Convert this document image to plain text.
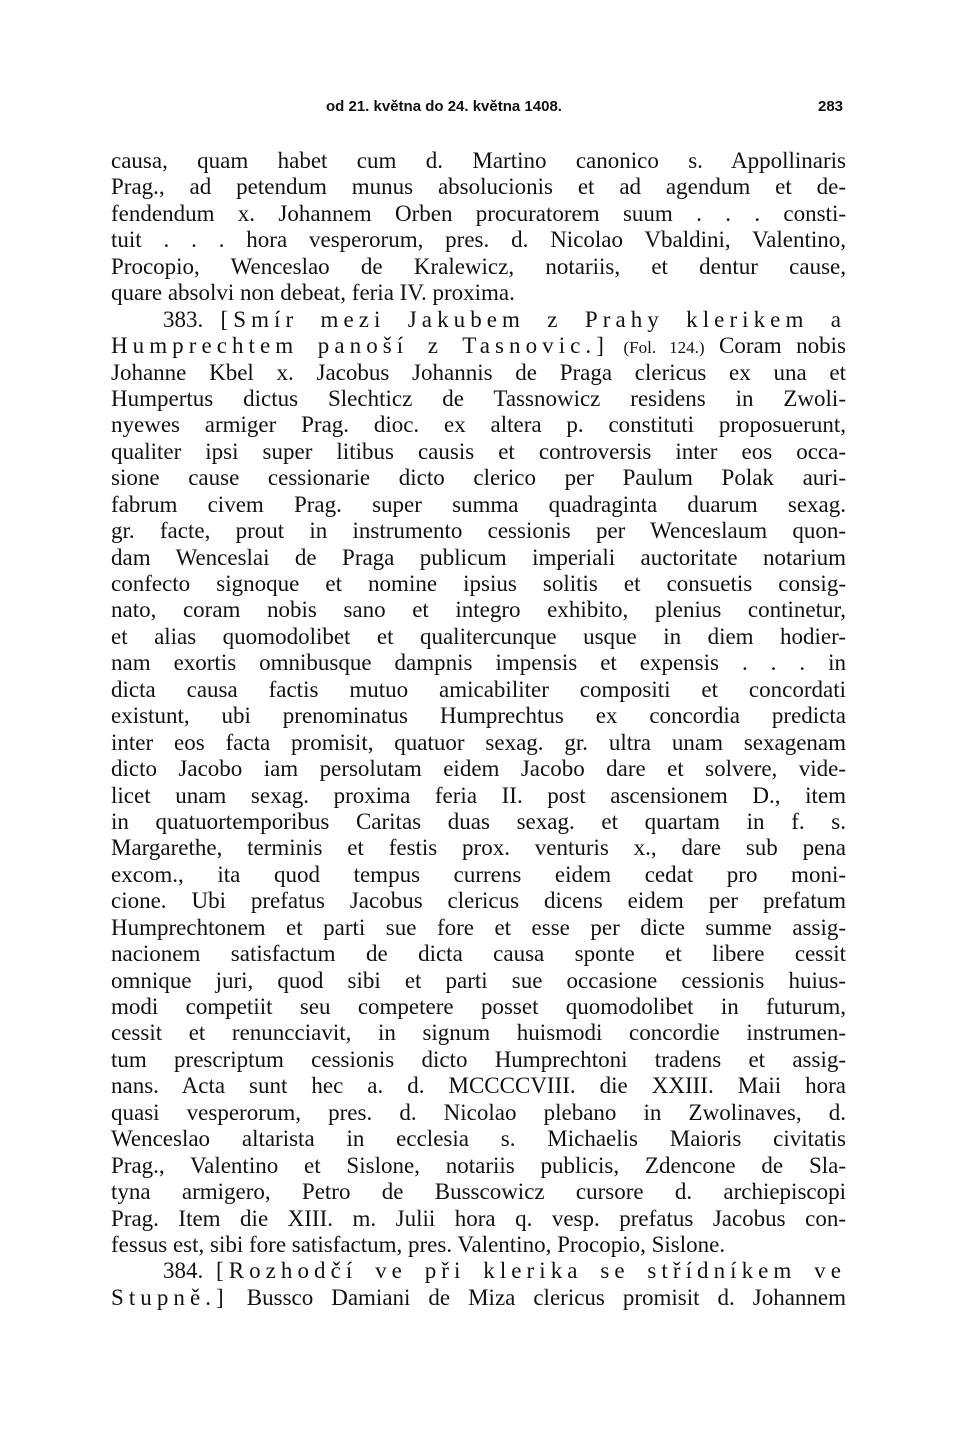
od 21. května do 24. května 1408.	283
causa, quam habet cum d. Martino canonico s. Appollinaris
Prag., ad petendum munus absolucionis et ad agendum et de-
fendendum x. Johannem Orben procuratorem suum . . . consti-
tuit . . . hora vesperorum, pres. d. Nicolao Vbaldini, Valentino,
Procopio, Wenceslao de Kralewicz, notariis, et dentur cause,
quare absolvi non debeat, feria IV. proxima.
383. [Smír mezi Jakubem z Prahy klerikem a
Humprechtem panoší z Tasnovic.] (Fol. 124.) Coram nobis
Johanne Kbel x. Jacobus Johannis de Praga clericus ex una et
Humpertus dictus Slechticz de Tassnowicz residens in Zwoli-
nyewes armiger Prag. dioc. ex altera p. constituti proposuerunt,
qualiter ipsi super litibus causis et controversis inter eos occa-
sione cause cessionarie dicto clerico per Paulum Polak auri-
fabrum civem Prag. super summa quadraginta duarum sexag.
gr. facte, prout in instrumento cessionis per Wenceslaum quon-
dam Wenceslai de Praga publicum imperiali auctoritate notarium
confecto signoque et nomine ipsius solitis et consuetis consig-
nato, coram nobis sano et integro exhibito, plenius continetur,
et alias quomodolibet et qualitercunque usque in diem hodier-
nam exortis omnibusque dampnis impensis et expensis . . . in
dicta causa factis mutuo amicabiliter compositi et concordati
existunt, ubi prenominatus Humprechtus ex concordia predicta
inter eos facta promisit, quatuor sexag. gr. ultra unam sexagenam
dicto Jacobo iam persolutam eidem Jacobo dare et solvere, vide-
licet unam sexag. proxima feria II. post ascensionem D., item
in quatuortemporibus Caritas duas sexag. et quartam in f. s.
Margarethe, terminis et festis prox. venturis x., dare sub pena
excom., ita quod tempus currens eidem cedat pro moni-
cione. Ubi prefatus Jacobus clericus dicens eidem per prefatum
Humprechtonem et parti sue fore et esse per dicte summe assig-
nacionem satisfactum de dicta causa sponte et libere cessit
omnique juri, quod sibi et parti sue occasione cessionis huius-
modi competiit seu competere posset quomodolibet in futurum,
cessit et renuncciavit, in signum huismodi concordie instrumen-
tum prescriptum cessionis dicto Humprechtoni tradens et assig-
nans. Acta sunt hec a. d. MCCCCVIII. die XXIII. Maii hora
quasi vesperorum, pres. d. Nicolao plebano in Zwolinaves, d.
Wenceslao altarista in ecclesia s. Michaelis Maioris civitatis
Prag., Valentino et Sislone, notariis publicis, Zdencone de Sla-
tyna armigero, Petro de Busscowicz cursore d. archiepiscopi
Prag. Item die XIII. m. Julii hora q. vesp. prefatus Jacobus con-
fessus est, sibi fore satisfactum, pres. Valentino, Procopio, Sislone.
384. [Rozhodčí ve při klerika se střídníkem ve
Stupně.] Bussco Damiani de Miza clericus promisit d. Johannem
